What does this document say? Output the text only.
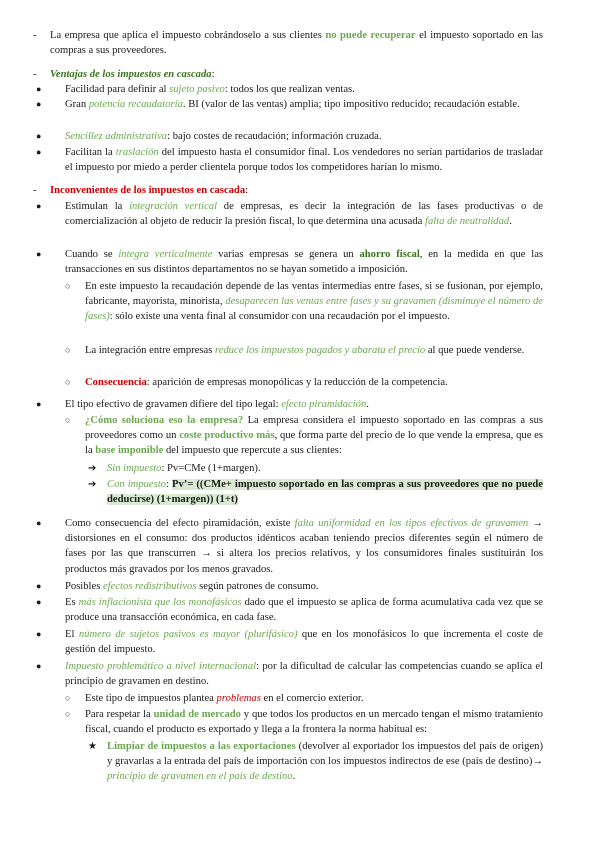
- La empresa que aplica el impuesto cobrándoselo a sus clientes no puede recuperar el impuesto soportado en las compras a sus proveedores.
- Ventajas de los impuestos en cascada:
● Facilidad para definir al sujeto pasivo: todos los que realizan ventas.
● Gran potencia recaudatoria. BI (valor de las ventas) amplia; tipo impositivo reducido; recaudación estable.
● Sencillez administrativa: bajo costes de recaudación; información cruzada.
● Facilitan la traslación del impuesto hasta el consumidor final. Los vendedores no serían partidarios de trasladar el impuesto por miedo a perder clientela porque todos los competidores harían lo mismo.
- Inconvenientes de los impuestos en cascada:
● Estimulan la integración vertical de empresas, es decir la integración de las fases productivas o de comercialización al objeto de reducir la presión fiscal, lo que determina una acusada falta de neutralidad.
● Cuando se integra verticalmente varias empresas se genera un ahorro fiscal, en la medida en que las transacciones en sus distintos departamentos no se hayan sometido a imposición.
○ En este impuesto la recaudación depende de las ventas intermedias entre fases, si se fusionan, por ejemplo, fabricante, mayorista, minorista, desaparecen las ventas entre fases y su gravamen (disminuye el número de fases): sólo existe una venta final al consumidor con una recaudación por el impuesto.
○ La integración entre empresas reduce los impuestos pagados y abarata el precio al que puede venderse.
○ Consecuencia: aparición de empresas monopólicas y la reducción de la competencia.
● El tipo efectivo de gravamen difiere del tipo legal: efecto piramidación.
○ ¿Cómo soluciona eso la empresa? La empresa considera el impuesto soportado en las compras a sus proveedores como un coste productivo más, que forma parte del precio de lo que vende la empresa, que es la base imponible del impuesto que repercute a sus clientes:
➔ Sin impuesto: Pv=CMe (1+margen).
➔ Con impuesto: Pv’= ((CMe+ impuesto soportado en las compras a sus proveedores que no puede deducirse) (1+margen)) (1+t)
● Como consecuencia del efecto piramidación, existe falta uniformidad en los tipos efectivos de gravamen → distorsiones en el consumo: dos productos idénticos acaban teniendo precios diferentes según el número de fases por las que transcurren → si altera los precios relativos, y los consumidores finales sustituirán los productos más gravados por los menos gravados.
● Posibles efectos redistributivos según patrones de consumo.
● Es más inflacionista que los monofásicos dado que el impuesto se aplica de forma acumulativa cada vez que se produce una transacción económica, en cada fase.
● El número de sujetos pasivos es mayor (plurifásico) que en los monofásicos lo que incrementa el coste de gestión del impuesto.
● Impuesto problemático a nivel internacional: por la dificultad de calcular las competencias cuando se aplica el principio de gravamen en destino.
○ Este tipo de impuestos plantea problemas en el comercio exterior.
○ Para respetar la unidad de mercado y que todos los productos en un mercado tengan el mismo tratamiento fiscal, cuando el producto es exportado y llega a la frontera la norma habitual es:
★ Limpiar de impuestos a las exportaciones (devolver al exportador los impuestos del país de origen) y gravarlas a la entrada del país de importación con los impuestos indirectos de ese (país de destino)→ principio de gravamen en el país de destino.
